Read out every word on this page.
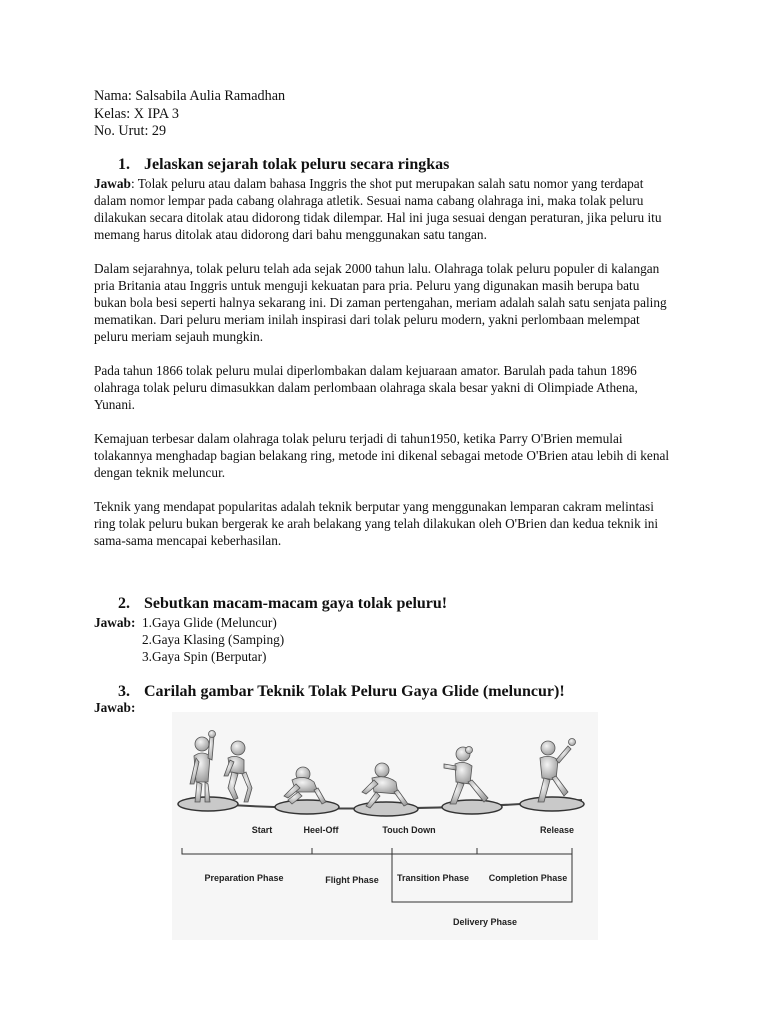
Nama: Salsabila Aulia Ramadhan
Kelas: X IPA 3
No. Urut: 29
1. Jelaskan sejarah tolak peluru secara ringkas

Jawab: Tolak peluru atau dalam bahasa Inggris the shot put merupakan salah satu nomor yang terdapat dalam nomor lempar pada cabang olahraga atletik. Sesuai nama cabang olahraga ini, maka tolak peluru dilakukan secara ditolak atau didorong tidak dilempar. Hal ini juga sesuai dengan peraturan, jika peluru itu memang harus ditolak atau didorong dari bahu menggunakan satu tangan.

Dalam sejarahnya, tolak peluru telah ada sejak 2000 tahun lalu. Olahraga tolak peluru populer di kalangan pria Britania atau Inggris untuk menguji kekuatan para pria. Peluru yang digunakan masih berupa batu bukan bola besi seperti halnya sekarang ini. Di zaman pertengahan, meriam adalah salah satu senjata paling mematikan. Dari peluru meriam inilah inspirasi dari tolak peluru modern, yakni perlombaan melempat peluru meriam sejauh mungkin.

Pada tahun 1866 tolak peluru mulai diperlombakan dalam kejuaraan amator. Barulah pada tahun 1896 olahraga tolak peluru dimasukkan dalam perlombaan olahraga skala besar yakni di Olimpiade Athena, Yunani.

Kemajuan terbesar dalam olahraga tolak peluru terjadi di tahun1950, ketika Parry O'Brien memulai tolakannya menghadap bagian belakang ring, metode ini dikenal sebagai metode O'Brien atau lebih di kenal dengan teknik meluncur.

Teknik yang mendapat popularitas adalah teknik berputar yang menggunakan lemparan cakram melintasi ring tolak peluru bukan bergerak ke arah belakang yang telah dilakukan oleh O'Brien dan kedua teknik ini sama-sama mencapai keberhasilan.

2. Sebutkan macam-macam gaya tolak peluru!
Jawab: 1.Gaya Glide (Meluncur)
2.Gaya Klasing (Samping)
3.Gaya Spin (Berputar)
3. Carilah gambar Teknik Tolak Peluru Gaya Glide (meluncur)!
Jawab:
Start	Heel-Off	Touch Down	Release
Preparation Phase	Flight Phase Transition Phase Completion Phase
Delivery Phase
